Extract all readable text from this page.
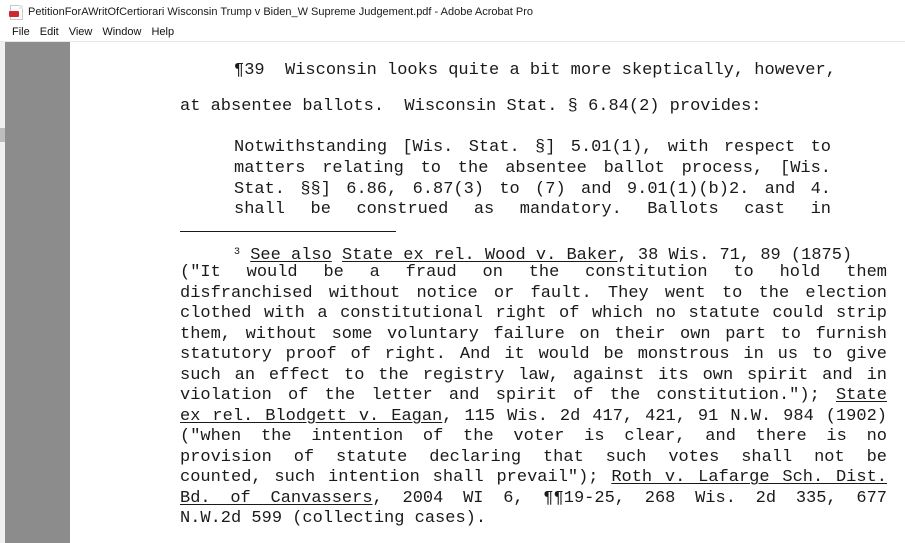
PetitionForAWritOfCertiorari Wisconsin Trump v Biden_W Supreme Judgement.pdf - Adobe Acrobat Pro
File Edit View Window Help
¶39  Wisconsin looks quite a bit more skeptically, however,
at absentee ballots.  Wisconsin Stat. § 6.84(2) provides:
Notwithstanding [Wis. Stat. §] 5.01(1), with respect to
matters relating to the absentee ballot process, [Wis.
Stat. §§] 6.86, 6.87(3) to (7) and 9.01(1)(b)2. and 4.
shall be construed as mandatory. Ballots cast in
$^3$ See also State ex rel. Wood v. Baker, 38 Wis. 71, 89 (1875)
("It would be a fraud on the constitution to hold them
disfranchised without notice or fault. They went to the election
clothed with a constitutional right of which no statute could strip
them, without some voluntary failure on their own part to furnish
statutory proof of right. And it would be monstrous in us to give
such an effect to the registry law, against its own spirit and in
violation of the letter and spirit of the constitution."); State
ex rel. Blodgett v. Eagan, 115 Wis. 2d 417, 421, 91 N.W. 984 (1902)
("when the intention of the voter is clear, and there is no
provision of statute declaring that such votes shall not be
counted, such intention shall prevail"); Roth v. Lafarge Sch. Dist.
Bd. of Canvassers, 2004 WI 6, ¶¶19-25, 268 Wis. 2d 335, 677
N.W.2d 599 (collecting cases).
